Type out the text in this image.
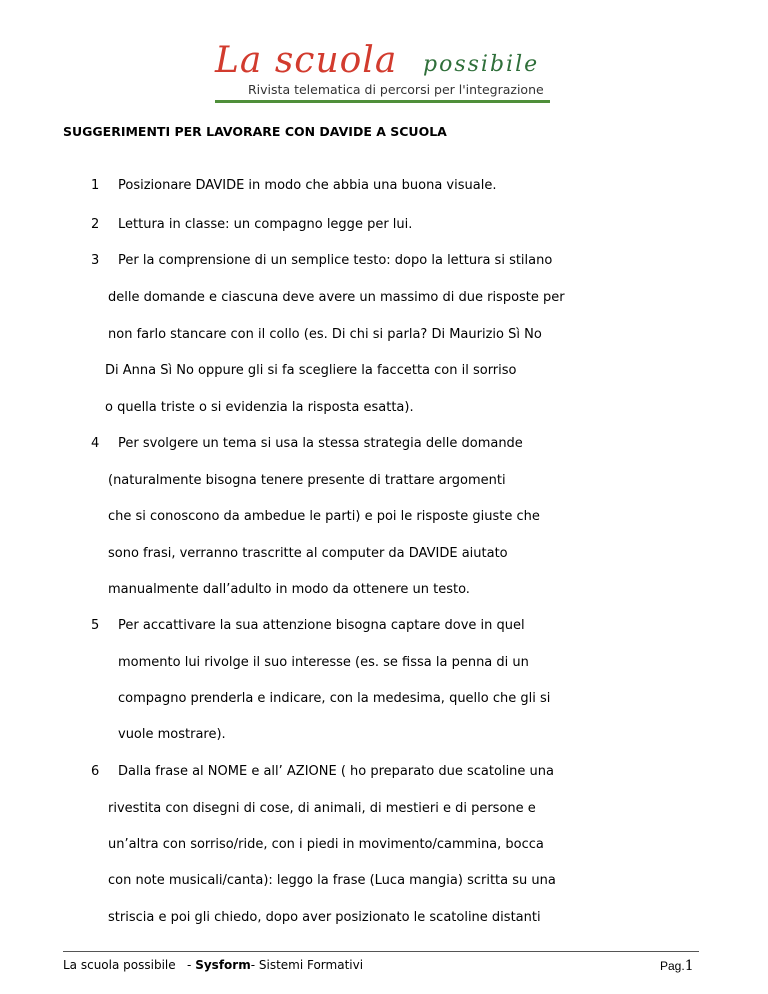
La scuola possibile
Rivista telematica di percorsi per l'integrazione
SUGGERIMENTI PER LAVORARE CON DAVIDE A SCUOLA
1 Posizionare DAVIDE in modo che abbia una buona visuale.
2 Lettura in classe: un compagno legge per lui.
3 Per la comprensione di un semplice testo: dopo la lettura si stilano
delle domande e ciascuna deve avere un massimo di due risposte per
non farlo stancare con il collo (es. Di chi si parla? Di Maurizio Sì No
Di Anna Sì No oppure gli si fa scegliere la faccetta con il sorriso
o quella triste o si evidenzia la risposta esatta).
4 Per svolgere un tema si usa la stessa strategia delle domande
(naturalmente bisogna tenere presente di trattare argomenti
che si conoscono da ambedue le parti) e poi le risposte giuste che
sono frasi, verranno trascritte al computer da DAVIDE aiutato
manualmente dall’adulto in modo da ottenere un testo.
5 Per accattivare la sua attenzione bisogna captare dove in quel
momento lui rivolge il suo interesse (es. se fissa la penna di un
compagno prenderla e indicare, con la medesima, quello che gli si
vuole mostrare).
6 Dalla frase al NOME e all’ AZIONE ( ho preparato due scatoline una
rivestita con disegni di cose, di animali, di mestieri e di persone e
un’altra con sorriso/ride, con i piedi in movimento/cammina, bocca
con note musicali/canta): leggo la frase (Luca mangia) scritta su una
striscia e poi gli chiedo, dopo aver posizionato le scatoline distanti
La scuola possibile   - Sysform- Sistemi Formativi	Pag.1
